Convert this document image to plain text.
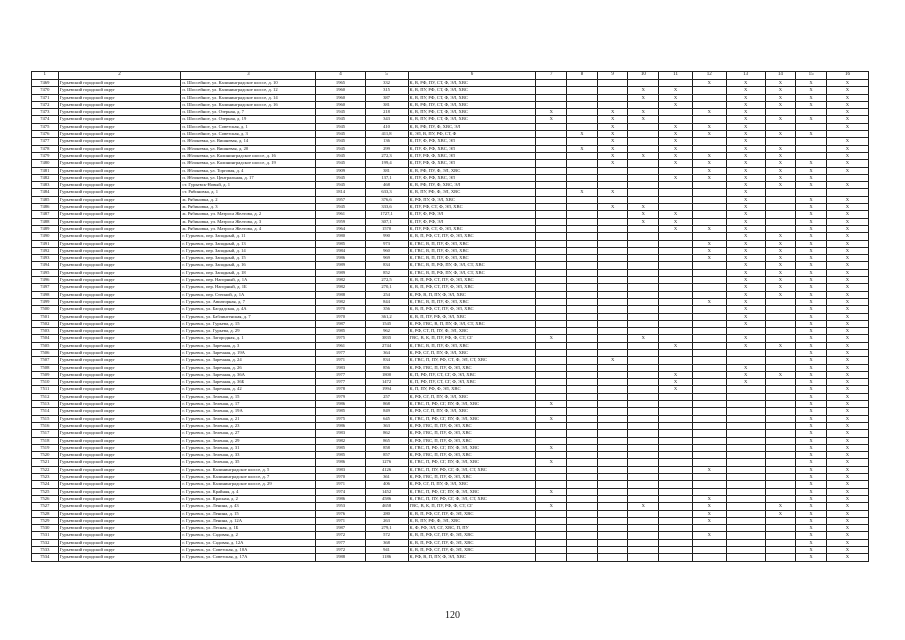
1	2	3	4	5	6	7	8	9	10	11	12	13	14	15	16
7469	Гурьевский городской округ	п. Шоссейное, ул. Калининградское шоссе, д. 10	1965	332	К, В, РФ, ПУ, СТ, Ф, ЭЛ, ХВС						X	X	X	X	X
7470	Гурьевский городской округ	п. Шоссейное, ул. Калининградское шоссе, д. 12	1960	315	К, В, ПУ, РФ, СТ, Ф, ЭЛ, ХВС				X	X		X	X	X	X
7471	Гурьевский городской округ	п. Шоссейное, ул. Калининградское шоссе, д. 14	1960	387	К, В, ПУ, РФ, СТ, Ф, ЭЛ, ХВС				X	X		X	X	X	X
7472	Гурьевский городской округ	п. Шоссейное, ул. Калининградское шоссе, д. 16	1960	381	К, В, РФ, ПУ, СТ, Ф, ЭЛ, ХВС					X		X	X	X	X
7473	Гурьевский городской округ	п. Шоссейное, ул. Озерная, д. 7	1945	218	К, В, ПУ, РФ, СТ, Ф, ЭЛ, ХВС	X		X	X		X	X			X
7474	Гурьевский городской округ	п. Шоссейное, ул. Озерная, д. 19	1945	343	К, В, ПУ, РФ, СТ, Ф, ЭЛ, ХВС	X		X	X			X	X	X	X
7475	Гурьевский городской округ	п. Шоссейное, ул. Советская, д. 1	1945	410	К, В, РФ, ПУ, Ф, ХВС, ЭЛ			X		X	X	X			X
7476	Гурьевский городской округ	п. Шоссейное, ул. Советская, д. 3	1945	411,8	К, ЭЛ, В, ПУ, РФ, СТ, Ф		X	X		X	X	X	X	X	
7477	Гурьевский городской округ	п. Яблоневка, ул. Вишневая, д. 14	1945	136	К, ПУ, Ф, РФ, ХВС, ЭЛ			X		X		X			X
7478	Гурьевский городской округ	п. Яблоневка, ул. Вишневая, д. 20	1945	299	К, ПУ, Ф, РФ, ХВС, ЭЛ		X	X		X		X	X		X
7479	Гурьевский городской округ	п. Яблоневка, ул. Калининградское шоссе, д. 16	1945	272,3	К, ПУ, РФ, Ф, ХВС, ЭЛ			X	X	X	X	X	X		X
7480	Гурьевский городской округ	п. Яблоневка, ул. Калининградское шоссе, д. 19	1945	199,4	К, ПУ, РФ, Ф, ХВС, ЭЛ			X		X	X	X	X	X	X
7481	Гурьевский городской округ	п. Яблоневка, ул. Торговая, д. 4	1909	381	К, В, РФ, ПУ, Ф, ЭЛ, ХВС						X	X	X	X	X
7482	Гурьевский городской округ	п. Яблоневка, ул. Центральная, д. 17	1945	137,1	К, ПУ, Ф, РФ, ХВС, ЭЛ					X	X	X	X	X	
7483	Гурьевский городской округ	ст. Гурьевск-Новый, д. 1	1945	468	К, В, РФ, ПУ, Ф, ХВС, ЭЛ							X	X	X	X
7484	Гурьевский городской округ	ст. Рябиновка, д. 1	1814	633,3	К, В, ПУ, РФ, Ф, ЭЛ, ХВС		X	X				X			
7485	Гурьевский городской округ	ж. Рябиновка, д. 2	1957	376,6	К, РФ, ПУ, Ф, ЭЛ, ХВС							X		X	X
7486	Гурьевский городской округ	ж. Рябиновка, д. 3	1945	333,6	К, ПУ, РФ, СТ, Ф, ЭЛ, ХВС			X	X			X		X	X
7487	Гурьевский городской округ	ж. Рябиновка, ул. Матроса Желтова, д. 2	1961	1727,1	К, ПУ, Ф, РФ, ЭЛ				X	X		X		X	X
7488	Гурьевский городской округ	ж. Рябиновка, ул. Матроса Желтова, д. 3	1959	307,1	К, ПУ, Ф, РФ, ЭЛ				X	X		X		X	X
7489	Гурьевский городской округ	ж. Рябиновка, ул. Матроса Желтова, д. 4	1964	1570	К, ПУ, РФ, СТ, Ф, ЭЛ, ХВС					X	X	X		X	X
7490	Гурьевский городской округ	г. Гурьевск, пер. Западный, д. 11	1980	990	К, В, П, РФ, СТ, ПУ, Ф, ЭЛ, ХВС							X	X	X	X
7491	Гурьевский городской округ	г. Гурьевск, пер. Западный, д. 13	1985	973	К, ГВС, В, П, ПУ, Ф, ЭЛ, ХВС						X	X	X	X	X
7492	Гурьевский городской округ	г. Гурьевск, пер. Западный, д. 14	1984	960	К, ГВС, В, П, ПУ, Ф, ЭЛ, ХВС						X	X	X	X	X
7493	Гурьевский городской округ	г. Гурьевск, пер. Западный, д. 15	1986	969	К, ГВС, В, П, ПУ, Ф, ЭЛ, ХВС						X	X	X	X	X
7494	Гурьевский городской округ	г. Гурьевск, пер. Западный, д. 16	1989	834	К, ГВС, В, П, РФ, ПУ, Ф, ЭЛ, СТ, ХВС							X	X	X	X
7495	Гурьевский городской округ	г. Гурьевск, пер. Западный, д. 18	1989	852	К, ГВС, В, П, РФ, ПУ, Ф, ЭЛ, СТ, ХВС							X	X	X	X
7496	Гурьевский городской округ	г. Гурьевск, пер. Нагорный, д. 1А	1982	272,5	К, В, П, РФ, СТ, ПУ, Ф, ЭЛ, ХВС							X	X	X	X
7497	Гурьевский городской округ	г. Гурьевск, пер. Нагорный, д. 1Б	1982	270,1	К, В, П, РФ, СТ, ПУ, Ф, ЭЛ, ХВС							X	X	X	X
7498	Гурьевский городской округ	г. Гурьевск, пер. Степной, д. 1А	1988	254	К, РФ, В, П, ПУ, Ф, ЭЛ, ХВС							X	X	X	X
7499	Гурьевский городской округ	г. Гурьевск, ул. Авиаторная, д. 7	1982	844	К, ГВС, В, П, ПУ, Ф, ЭЛ, ХВС						X	X		X	X
7500	Гурьевский городской округ	г. Гурьевск, ул. Багдадская, д. 4А	1970	356	К, В, П, РФ, СТ, ПУ, Ф, ЭЛ, ХВС							X		X	X
7501	Гурьевский городской округ	г. Гурьевск, ул. Баблингенская, д. 7	1970	361,2	К, В, П, ПУ, РФ, Ф, ЭЛ, ХВС							X		X	X
7502	Гурьевский городской округ	г. Гурьевск, ул. Гурьева, д. 15	1987	1545	К, РФ, ГВС, В, П, ПУ, Ф, ЭЛ, СТ, ХВС							X		X	X
7503	Гурьевский городской округ	г. Гурьевск, ул. Гурьева, д. 29	1985	962	К, РФ, СТ, П, ПУ, Ф, ЭЛ, ХВС									X	X
7504	Гурьевский городской округ	г. Гурьевск, ул. Загородная, д. 1	1975	3835	ГВС, В, К, П, ПУ, РФ, Ф, СТ, СГ	X			X			X		X	X
7505	Гурьевский городской округ	г. Гурьевск, ул. Заречная, д. 3	1961	2744	К, ГВС, В, П, ПУ, Ф, ЭЛ, ХВС					X		X	X	X	X
7506	Гурьевский городской округ	г. Гурьевск, ул. Заречная, д. 19А	1977	364	К, РФ, СГ, П, ПУ, Ф, ЭЛ, ХВС									X	X
7507	Гурьевский городской округ	г. Гурьевск, ул. Заречная, д. 24	1971	834	К, ГВС, П, ПУ, РФ, СТ, Ф, ЭЛ, СТ, ХВС			X						X	X
7508	Гурьевский городской округ	г. Гурьевск, ул. Заречная, д. 26	1983	856	К, РФ, ГВС, П, ПУ, Ф, ЭЛ, ХВС							X		X	X
7509	Гурьевский городской округ	г. Гурьевск, ул. Заречная, д. 36А	1977	1800	К, П, РФ, ПУ, СТ, СГ, Ф, ЭЛ, ХВС					X		X	X	X	X
7510	Гурьевский городской округ	г. Гурьевск, ул. Заречная, д. 36Б	1977	1472	К, П, РФ, ПУ, СТ, СГ, Ф, ЭЛ, ХВС					X		X		X	X
7511	Гурьевский городской округ	г. Гурьевск, ул. Заречная, д. 42	1978	1994	К, П, ПУ, РФ, Ф, ЭЛ, ХВС					X				X	X
7512	Гурьевский городской округ	г. Гурьевск, ул. Зеленая, д. 15	1979	257	К, РФ, СГ, П, ПУ, Ф, ЭЛ, ХВС									X	X
7513	Гурьевский городской округ	г. Гурьевск, ул. Зеленая, д. 17	1986	868	К, ГВС, П, РФ, СГ, ПУ, Ф, ЭЛ, ХВС	X								X	X
7514	Гурьевский городской округ	г. Гурьевск, ул. Зеленая, д. 19А	1985	849	К, РФ, СГ, П, ПУ, Ф, ЭЛ, ХВС									X	X
7515	Гурьевский городской округ	г. Гурьевск, ул. Зеленая, д. 21	1975	645	К, ГВС, П, РФ, СГ, ПУ, Ф, ЭЛ, ХВС	X								X	X
7516	Гурьевский городской округ	г. Гурьевск, ул. Зеленая, д. 23	1986	363	К, РФ, ГВС, П, ПУ, Ф, ЭЛ, ХВС									X	X
7517	Гурьевский городской округ	г. Гурьевск, ул. Зеленая, д. 27	1983	862	К, РФ, ГВС, П, ПУ, Ф, ЭЛ, ХВС									X	X
7518	Гурьевский городской округ	г. Гурьевск, ул. Зеленая, д. 29	1982	865	К, РФ, ГВС, П, ПУ, Ф, ЭЛ, ХВС									X	X
7519	Гурьевский городской округ	г. Гурьевск, ул. Зеленая, д. 31	1985	858	К, ГВС, П, РФ, СГ, ПУ, Ф, ЭЛ, ХВС	X								X	X
7520	Гурьевский городской округ	г. Гурьевск, ул. Зеленая, д. 33	1985	857	К, РФ, ГВС, П, ПУ, Ф, ЭЛ, ХВС									X	X
7521	Гурьевский городской округ	г. Гурьевск, ул. Зеленая, д. 35	1986	1276	К, ГВС, П, РФ, СГ, ПУ, Ф, ЭЛ, ХВС	X								X	X
7522	Гурьевский городской округ	г. Гурьевск, ул. Калининградское шоссе, д. 5	1983	4126	К, ГВС, П, ПУ, РФ, СГ, Ф, ЭЛ, СТ, ХВС						X			X	X
7523	Гурьевский городской округ	г. Гурьевск, ул. Калининградское шоссе, д. 7	1970	361	К, РФ, ГВС, П, ПУ, Ф, ЭЛ, ХВС									X	X
7524	Гурьевский городской округ	г. Гурьевск, ул. Калининградское шоссе, д. 29	1971	406	К, РФ, СГ, П, ПУ, Ф, ЭЛ, ХВС									X	X
7525	Гурьевский городской округ	г. Гурьевск, ул. Крайняя, д. 4	1974	1452	К, ГВС, П, РФ, СГ, ПУ, Ф, ЭЛ, ХВС	X								X	X
7526	Гурьевский городской округ	г. Гурьевск, ул. Красная, д. 2	1986	4586	К, ГВС, П, ПУ, РФ, СГ, Ф, ЭЛ, СТ, ХВС						X			X	X
7527	Гурьевский городской округ	г. Гурьевск, ул. Ленина, д. 43	1953	4658	ГВС, В, К, П, ПУ, РФ, Ф, СТ, СГ	X			X		X		X	X	X
7528	Гурьевский городской округ	г. Гурьевск, ул. Ленина, д. 15	1976	280	К, В, П, РФ, СГ, ПУ, Ф, ЭЛ, ХВС						X		X	X	X
7529	Гурьевский городской округ	г. Гурьевск, ул. Ленина, д. 12А	1971	263	К, В, ПУ, РФ, Ф, ЭЛ, ХВС						X			X	X
7530	Гурьевский городской округ	г. Гурьевск, ул. Лесная, д. 1Б	1987	279,1	К, Ф, РФ, ЭЛ, СГ, ХВС, П, ПУ									X	X
7531	Гурьевский городской округ	г. Гурьевск, ул. Садовая, д. 2	1972	572	К, В, П, РФ, СГ, ПУ, Ф, ЭЛ, ХВС						X			X	X
7532	Гурьевский городской округ	г. Гурьевск, ул. Садовая, д. 12А	1977	368	К, В, П, РФ, СГ, ПУ, Ф, ЭЛ, ХВС									X	X
7533	Гурьевский городской округ	г. Гурьевск, ул. Советская, д. 10А	1972	941	К, В, П, РФ, СГ, ПУ, Ф, ЭЛ, ХВС									X	X
7534	Гурьевский городской округ	г. Гурьевск, ул. Советская, д. 17А	1988	1186	К, РФ, В, П, ПУ, Ф, ЭЛ, ХВС									X	X
120
